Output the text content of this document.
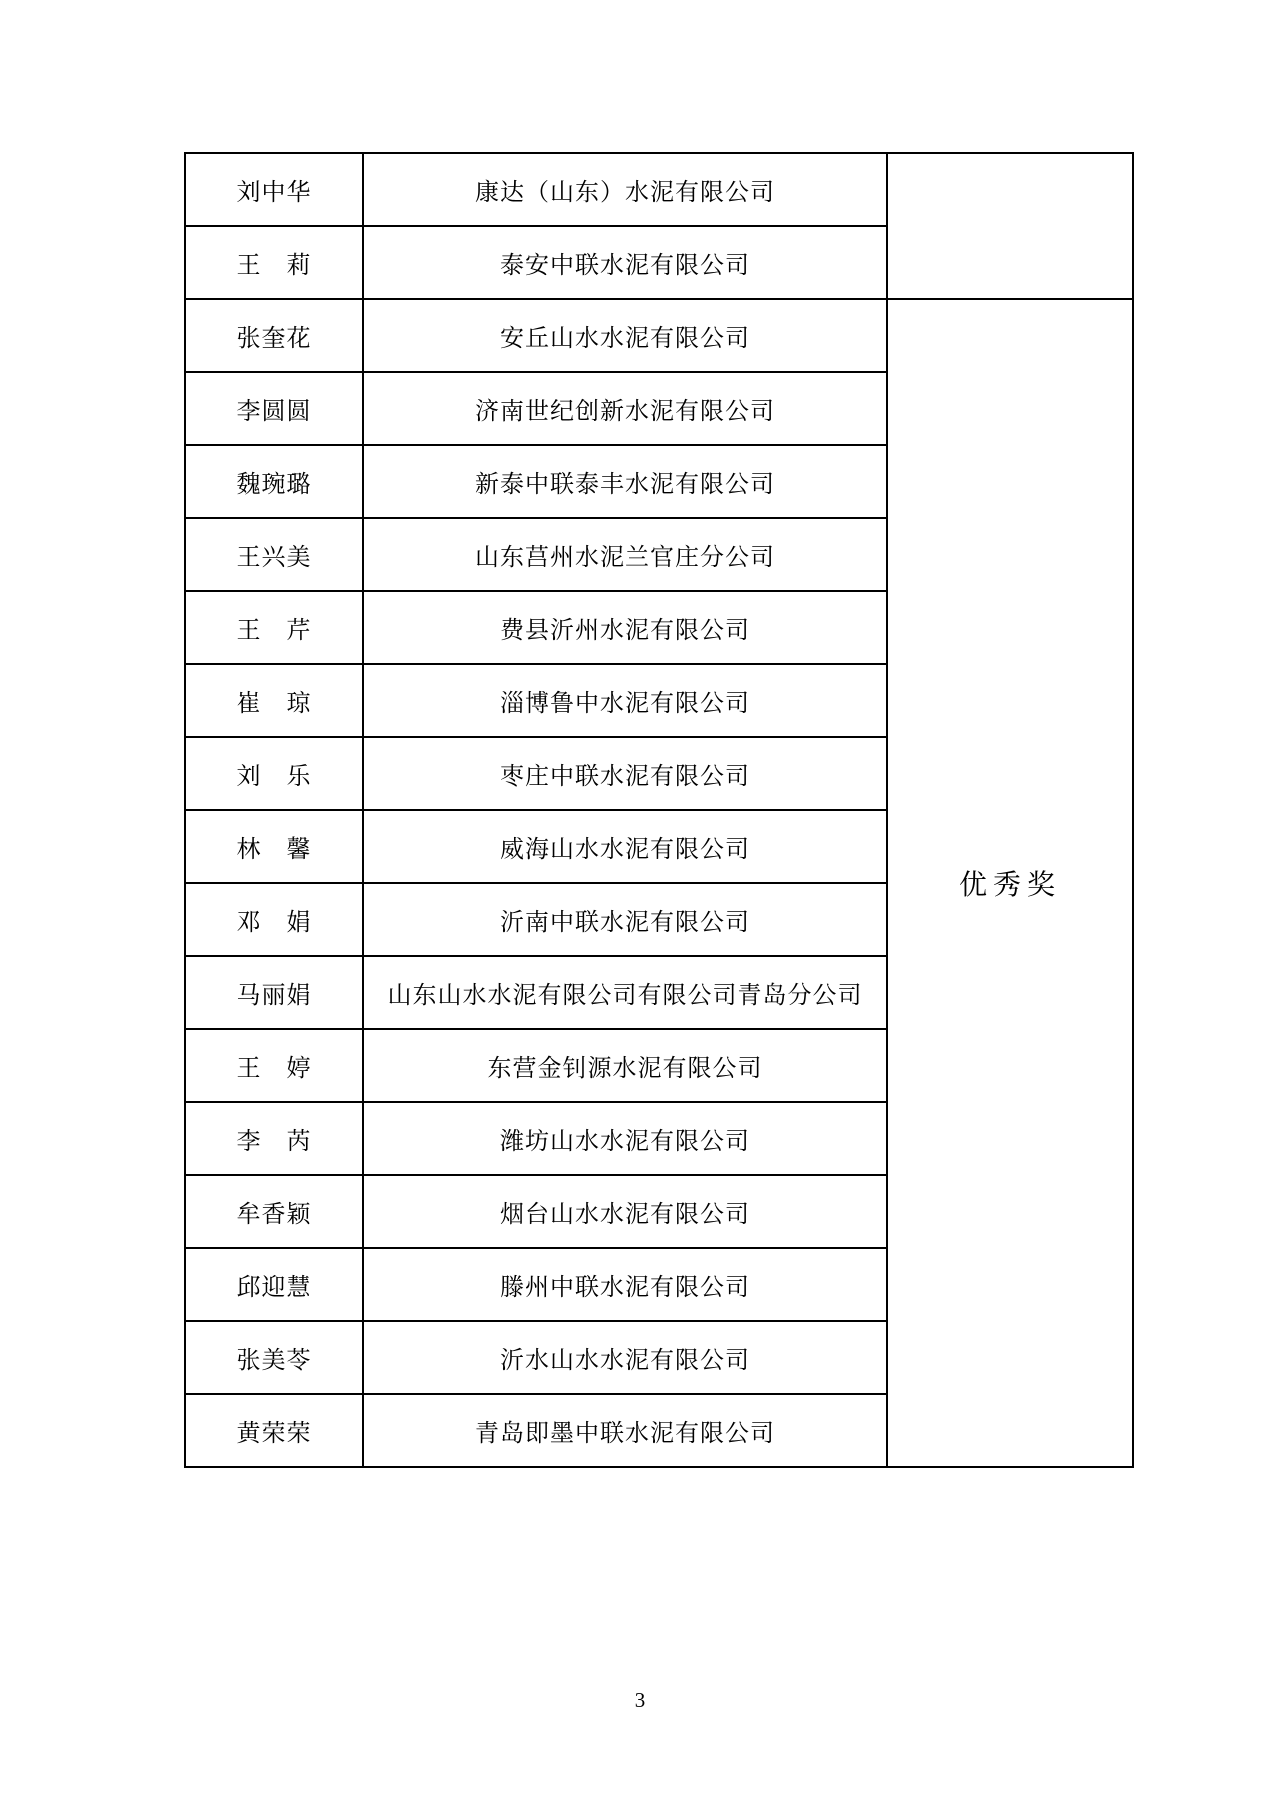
刘中华	康达（山东）水泥有限公司	
王　莉	泰安中联水泥有限公司	
张奎花	安丘山水水泥有限公司	优秀奖
李圆圆	济南世纪创新水泥有限公司	
魏琬璐	新泰中联泰丰水泥有限公司	
王兴美	山东莒州水泥兰官庄分公司	
王　芹	费县沂州水泥有限公司	
崔　琼	淄博鲁中水泥有限公司	
刘　乐	枣庄中联水泥有限公司	
林　馨	威海山水水泥有限公司	
邓　娟	沂南中联水泥有限公司	
马丽娟	山东山水水泥有限公司有限公司青岛分公司	
王　婷	东营金钊源水泥有限公司	
李　芮	潍坊山水水泥有限公司	
牟香颖	烟台山水水泥有限公司	
邱迎慧	滕州中联水泥有限公司	
张美苓	沂水山水水泥有限公司	
黄荣荣	青岛即墨中联水泥有限公司	
3
